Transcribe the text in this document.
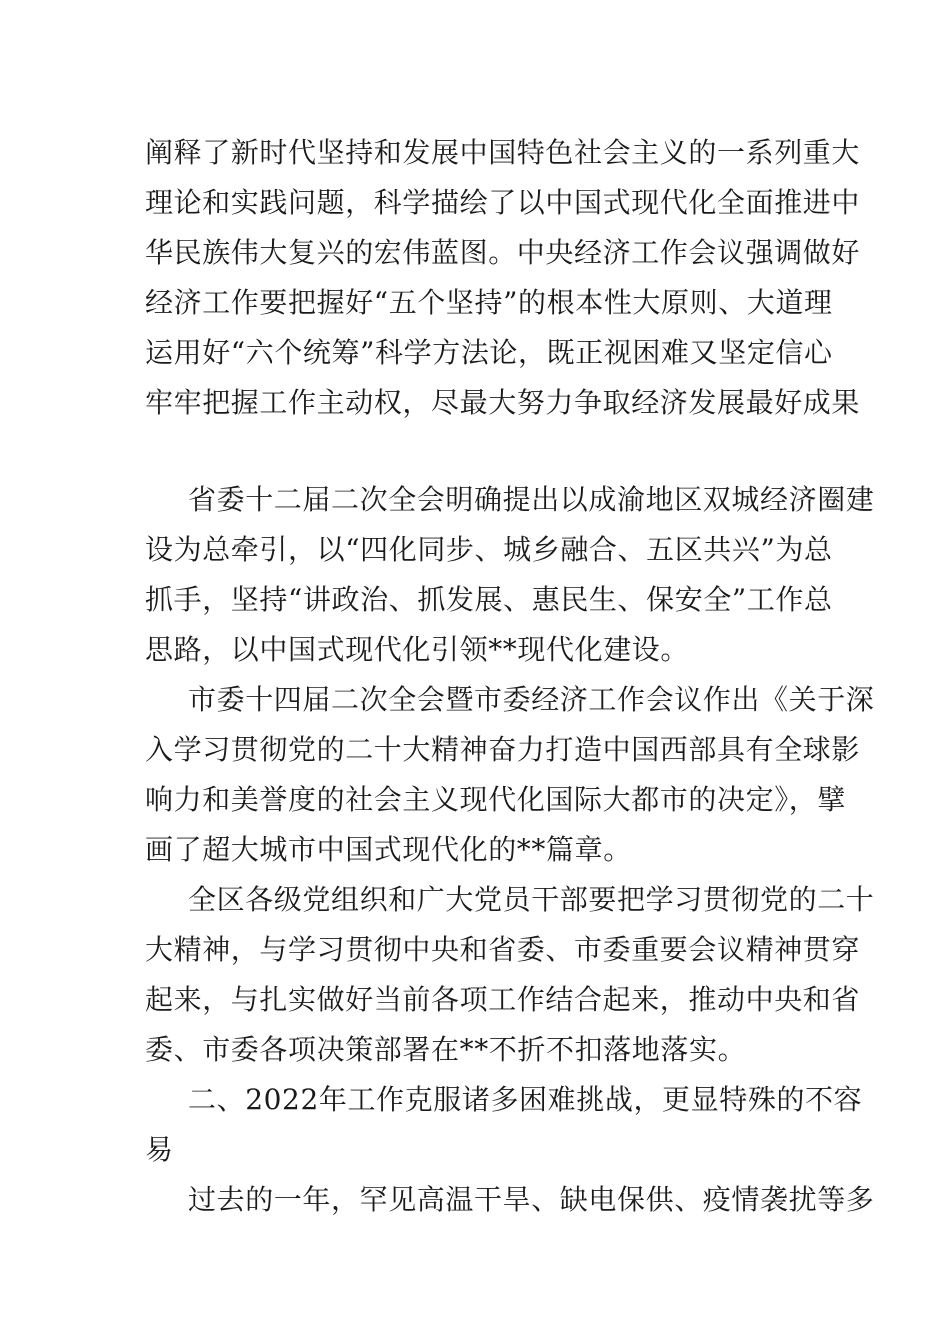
阐释了新时代坚持和发展中国特色社会主义的一系列重大
理论和实践问题，科学描绘了以中国式现代化全面推进中
华民族伟大复兴的宏伟蓝图。中央经济工作会议强调做好
经济工作要把握好“五个坚持”的根本性大原则、大道理
运用好“六个统筹”科学方法论，既正视困难又坚定信心
牢牢把握工作主动权，尽最大努力争取经济发展最好成果
省委十二届二次全会明确提出以成渝地区双城经济圈建
设为总牵引，以“四化同步、城乡融合、五区共兴”为总
抓手，坚持“讲政治、抓发展、惠民生、保安全”工作总
思路，以中国式现代化引领**现代化建设。
市委十四届二次全会暨市委经济工作会议作出《关于深
入学习贯彻党的二十大精神奋力打造中国西部具有全球影
响力和美誉度的社会主义现代化国际大都市的决定》，擘
画了超大城市中国式现代化的**篇章。
全区各级党组织和广大党员干部要把学习贯彻党的二十
大精神，与学习贯彻中央和省委、市委重要会议精神贯穿
起来，与扎实做好当前各项工作结合起来，推动中央和省
委、市委各项决策部署在**不折不扣落地落实。
二、2022年工作克服诸多困难挑战，更显特殊的不容
易
过去的一年，罕见高温干旱、缺电保供、疫情袭扰等多
